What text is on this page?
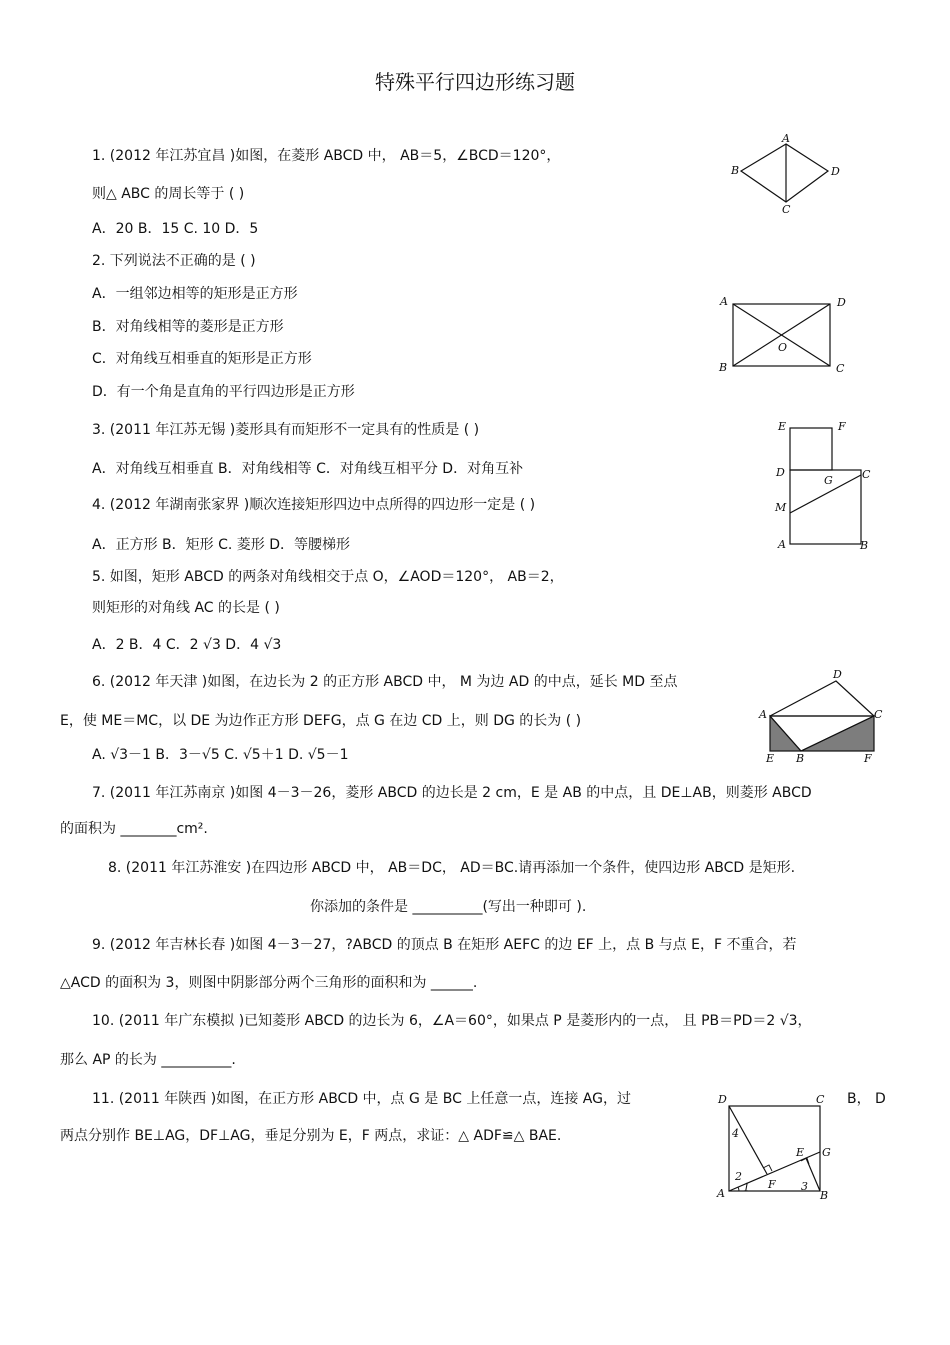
特殊平行四边形练习题
1. (2012 年江苏宜昌 )如图，在菱形 ABCD 中， AB＝5，∠BCD＝120°，
则△ ABC 的周长等于 ( )
A．20 B．15 C. 10 D．5
2. 下列说法不正确的是 ( )
A．一组邻边相等的矩形是正方形
B．对角线相等的菱形是正方形
C．对角线互相垂直的矩形是正方形
D．有一个角是直角的平行四边形是正方形
3. (2011 年江苏无锡 )菱形具有而矩形不一定具有的性质是 ( )
A．对角线互相垂直 B．对角线相等 C．对角线互相平分 D．对角互补
4. (2012 年湖南张家界 )顺次连接矩形四边中点所得的四边形一定是 ( )
A．正方形 B．矩形 C. 菱形 D．等腰梯形
5. 如图，矩形 ABCD 的两条对角线相交于点 O，∠AOD＝120°， AB＝2，
则矩形的对角线 AC 的长是 ( )
A．2 B．4 C．2 √3 D．4 √3
6. (2012 年天津 )如图，在边长为 2 的正方形 ABCD 中， M 为边 AD 的中点，延长 MD 至点
E，使 ME＝MC，以 DE 为边作正方形 DEFG，点 G 在边 CD 上，则 DG 的长为 ( )
A. √3－1 B．3－√5 C. √5＋1 D. √5－1
7. (2011 年江苏南京 )如图 4－3－26，菱形 ABCD 的边长是 2 cm，E 是 AB 的中点，且 DE⊥AB，则菱形 ABCD
的面积为 ________cm².
8. (2011 年江苏淮安 )在四边形 ABCD 中， AB＝DC， AD＝BC.请再添加一个条件，使四边形 ABCD 是矩形.
你添加的条件是 __________(写出一种即可 ).
9. (2012 年吉林长春 )如图 4－3－27，?ABCD 的顶点 B 在矩形 AEFC 的边 EF 上，点 B 与点 E，F 不重合，若
△ACD 的面积为 3，则图中阴影部分两个三角形的面积和为 ______.
10. (2011 年广东模拟 )已知菱形 ABCD 的边长为 6，∠A＝60°，如果点 P 是菱形内的一点， 且 PB＝PD＝2 √3，
那么 AP 的长为 __________.
11. (2011 年陕西 )如图，在正方形 ABCD 中，点 G 是 BC 上任意一点，连接 AG，过	B， D
两点分别作 BE⊥AG，DF⊥AG，垂足分别为 E，F 两点，求证：△ ADF≌△ BAE.
A
B
C
D
A
B	C
D
O
E	F
D	C
G
M
A	B
D
A	C
E B	F
D	C
A	B
G
E
F
1
2
3
4
